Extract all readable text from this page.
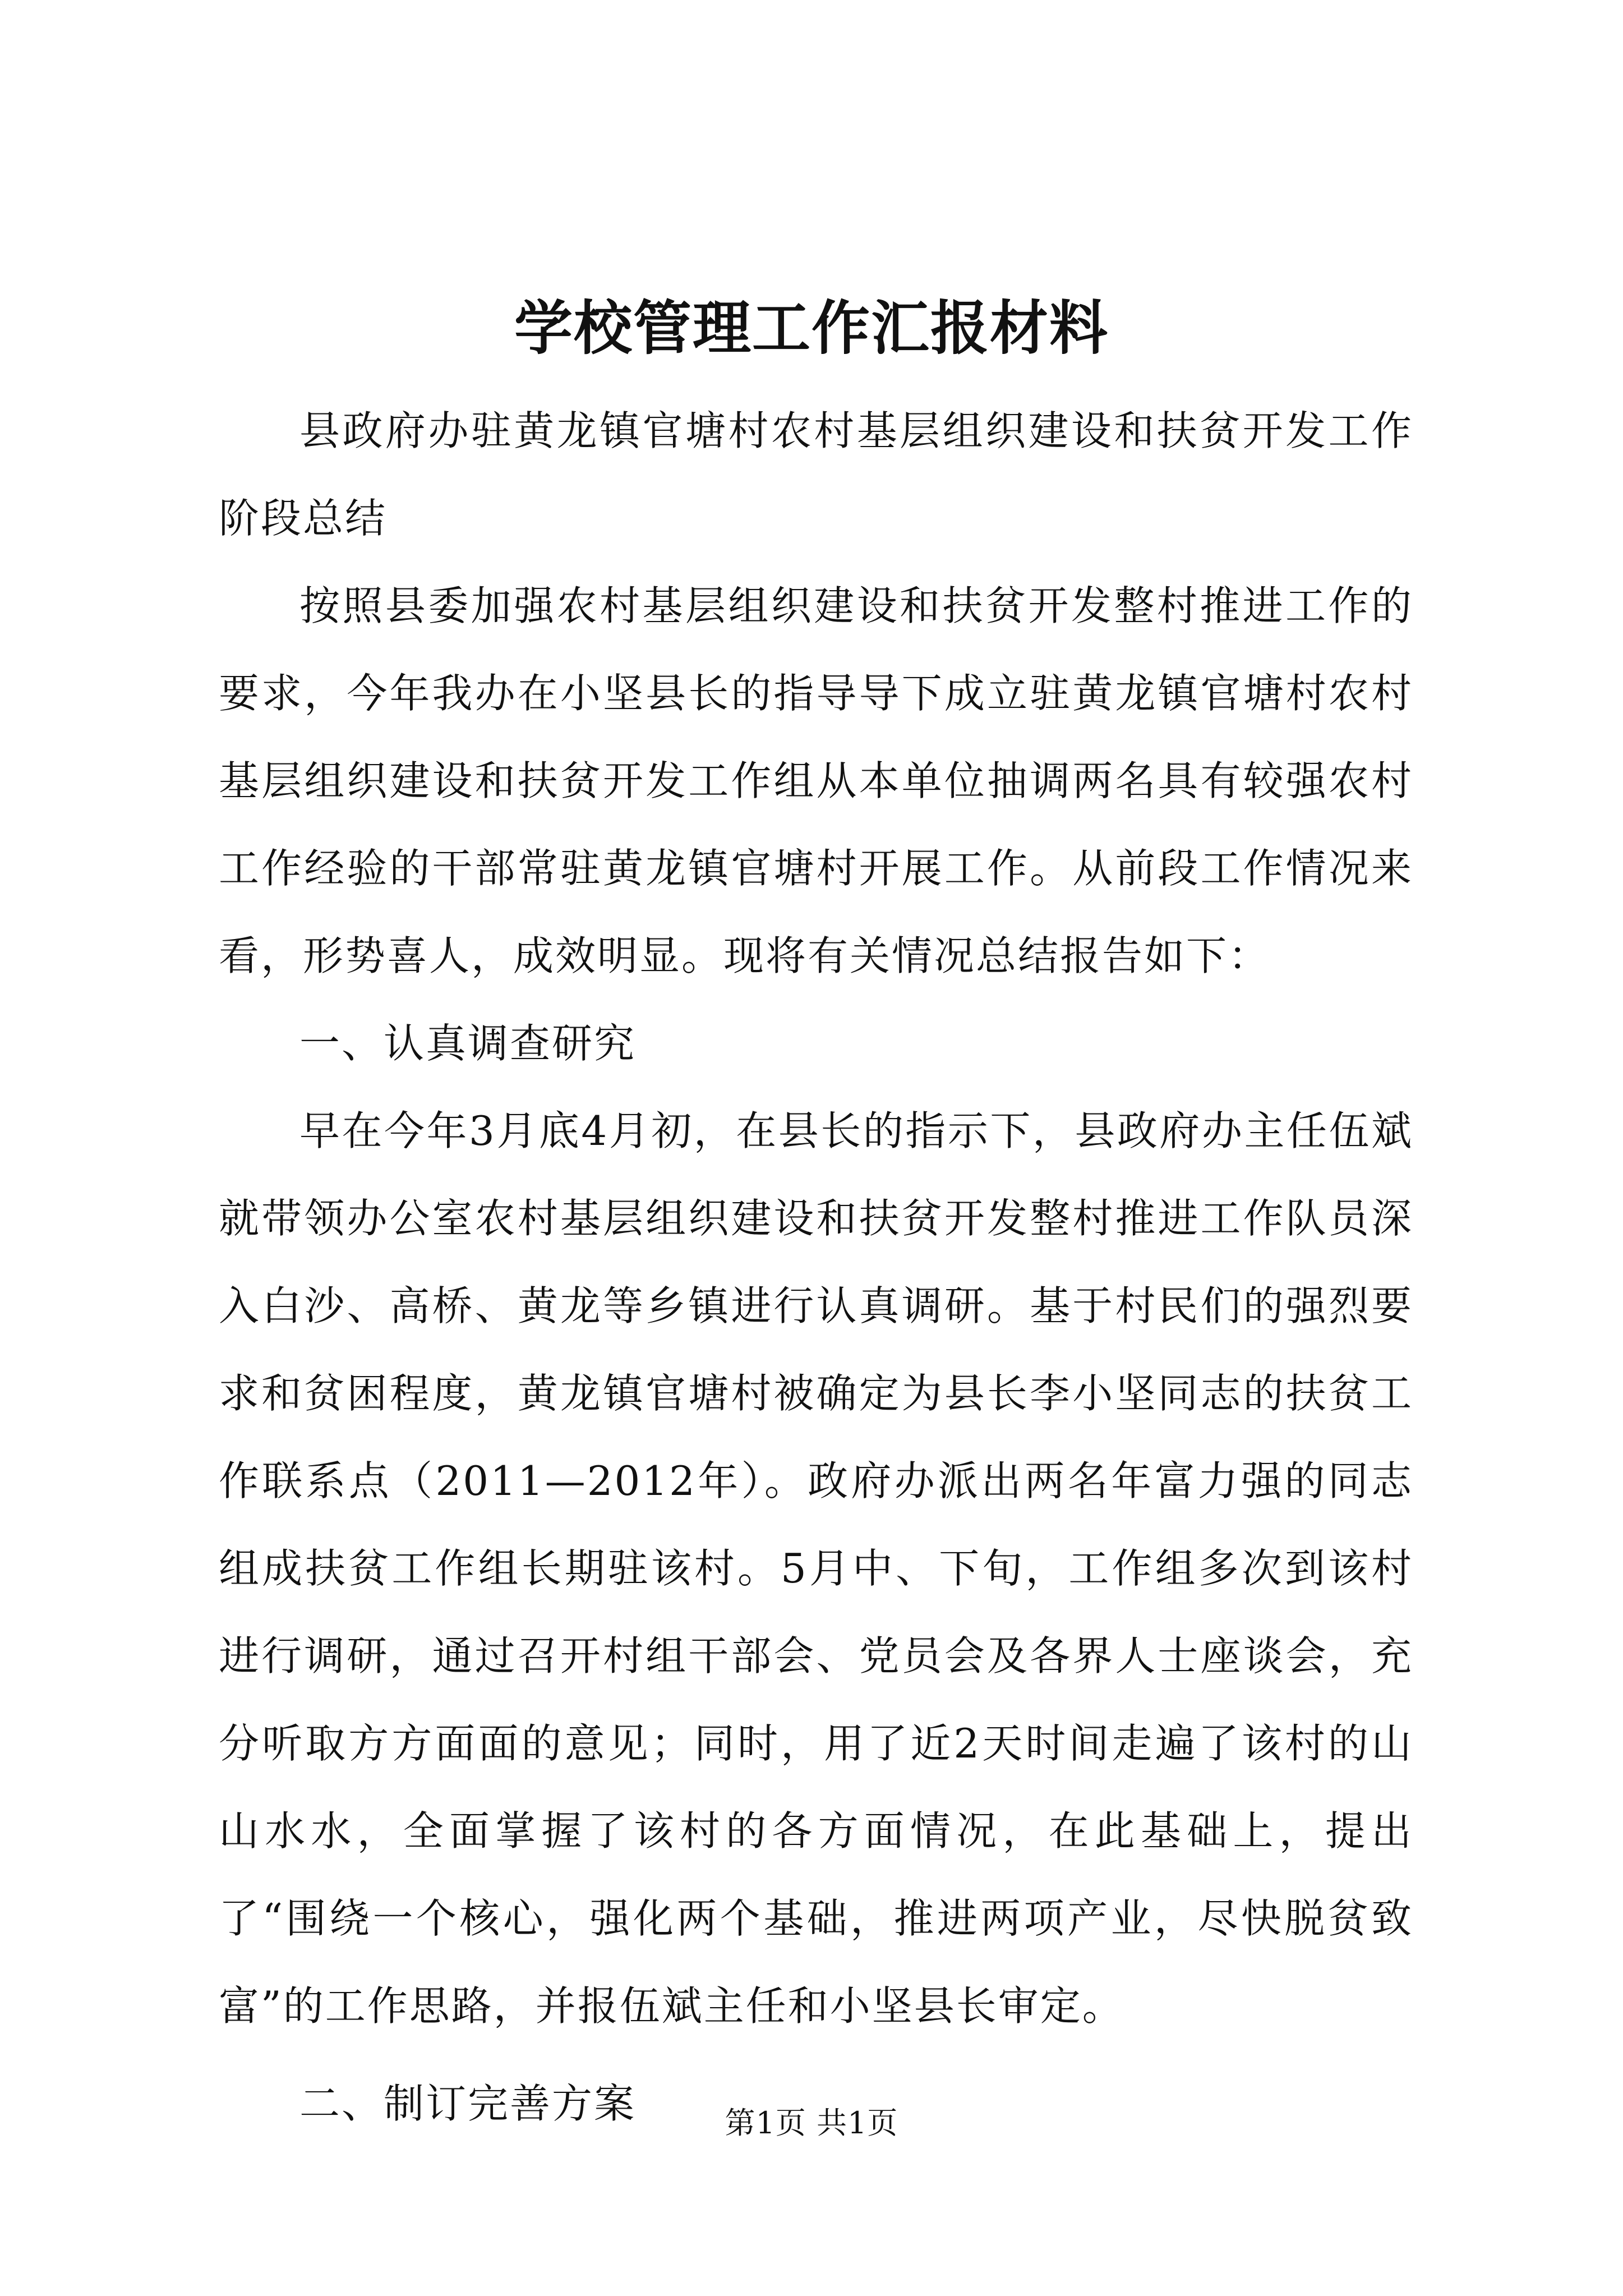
学校管理工作汇报材料

县政府办驻黄龙镇官塘村农村基层组织建设和扶贫开发工作阶段总结

按照县委加强农村基层组织建设和扶贫开发整村推进工作的要求，今年我办在小坚县长的指导导下成立驻黄龙镇官塘村农村基层组织建设和扶贫开发工作组从本单位抽调两名具有较强农村工作经验的干部常驻黄龙镇官塘村开展工作。从前段工作情况来看，形势喜人，成效明显。现将有关情况总结报告如下：

一、认真调查研究

早在今年3月底4月初，在县长的指示下，县政府办主任伍斌就带领办公室农村基层组织建设和扶贫开发整村推进工作队员深入白沙、高桥、黄龙等乡镇进行认真调研。基于村民们的强烈要求和贫困程度，黄龙镇官塘村被确定为县长李小坚同志的扶贫工作联系点（2011—2012年）。政府办派出两名年富力强的同志组成扶贫工作组长期驻该村。5月中、下旬，工作组多次到该村进行调研，通过召开村组干部会、党员会及各界人士座谈会，充分听取方方面面的意见；同时，用了近2天时间走遍了该村的山山水水，全面掌握了该村的各方面情况，在此基础上，提出了“围绕一个核心，强化两个基础，推进两项产业，尽快脱贫致富”的工作思路，并报伍斌主任和小坚县长审定。

二、制订完善方案	第1页 共1页
